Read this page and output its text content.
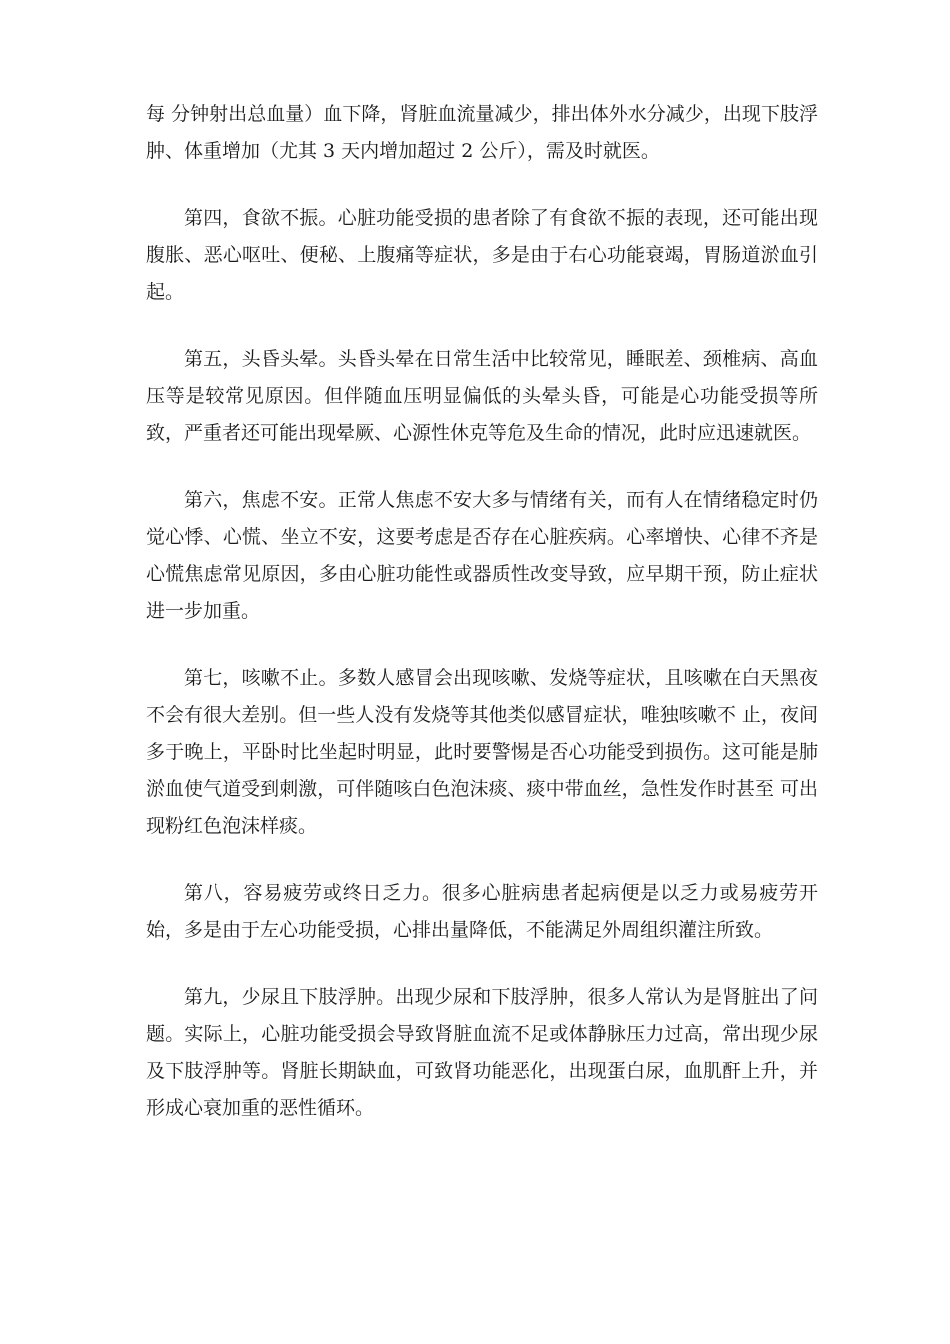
每 分钟射出总血量）血下降，肾脏血流量减少，排出体外水分减少，出现下肢浮肿、体重增加（尤其 3 天内增加超过 2 公斤），需及时就医。

第四，食欲不振。心脏功能受损的患者除了有食欲不振的表现，还可能出现腹胀、恶心呕吐、便秘、上腹痛等症状，多是由于右心功能衰竭，胃肠道淤血引起。

第五，头昏头晕。头昏头晕在日常生活中比较常见，睡眠差、颈椎病、高血压等是较常见原因。但伴随血压明显偏低的头晕头昏，可能是心功能受损等所致，严重者还可能出现晕厥、心源性休克等危及生命的情况，此时应迅速就医。

第六，焦虑不安。正常人焦虑不安大多与情绪有关，而有人在情绪稳定时仍觉心悸、心慌、坐立不安，这要考虑是否存在心脏疾病。心率增快、心律不齐是心慌焦虑常见原因，多由心脏功能性或器质性改变导致，应早期干预，防止症状进一步加重。

第七，咳嗽不止。多数人感冒会出现咳嗽、发烧等症状，且咳嗽在白天黑夜不会有很大差别。但一些人没有发烧等其他类似感冒症状，唯独咳嗽不 止，夜间多于晚上，平卧时比坐起时明显，此时要警惕是否心功能受到损伤。这可能是肺淤血使气道受到刺激，可伴随咳白色泡沫痰、痰中带血丝，急性发作时甚至 可出现粉红色泡沫样痰。

第八，容易疲劳或终日乏力。很多心脏病患者起病便是以乏力或易疲劳开始，多是由于左心功能受损，心排出量降低，不能满足外周组织灌注所致。

第九，少尿且下肢浮肿。出现少尿和下肢浮肿，很多人常认为是肾脏出了问题。实际上，心脏功能受损会导致肾脏血流不足或体静脉压力过高，常出现少尿及下肢浮肿等。肾脏长期缺血，可致肾功能恶化，出现蛋白尿，血肌酐上升，并形成心衰加重的恶性循环。
